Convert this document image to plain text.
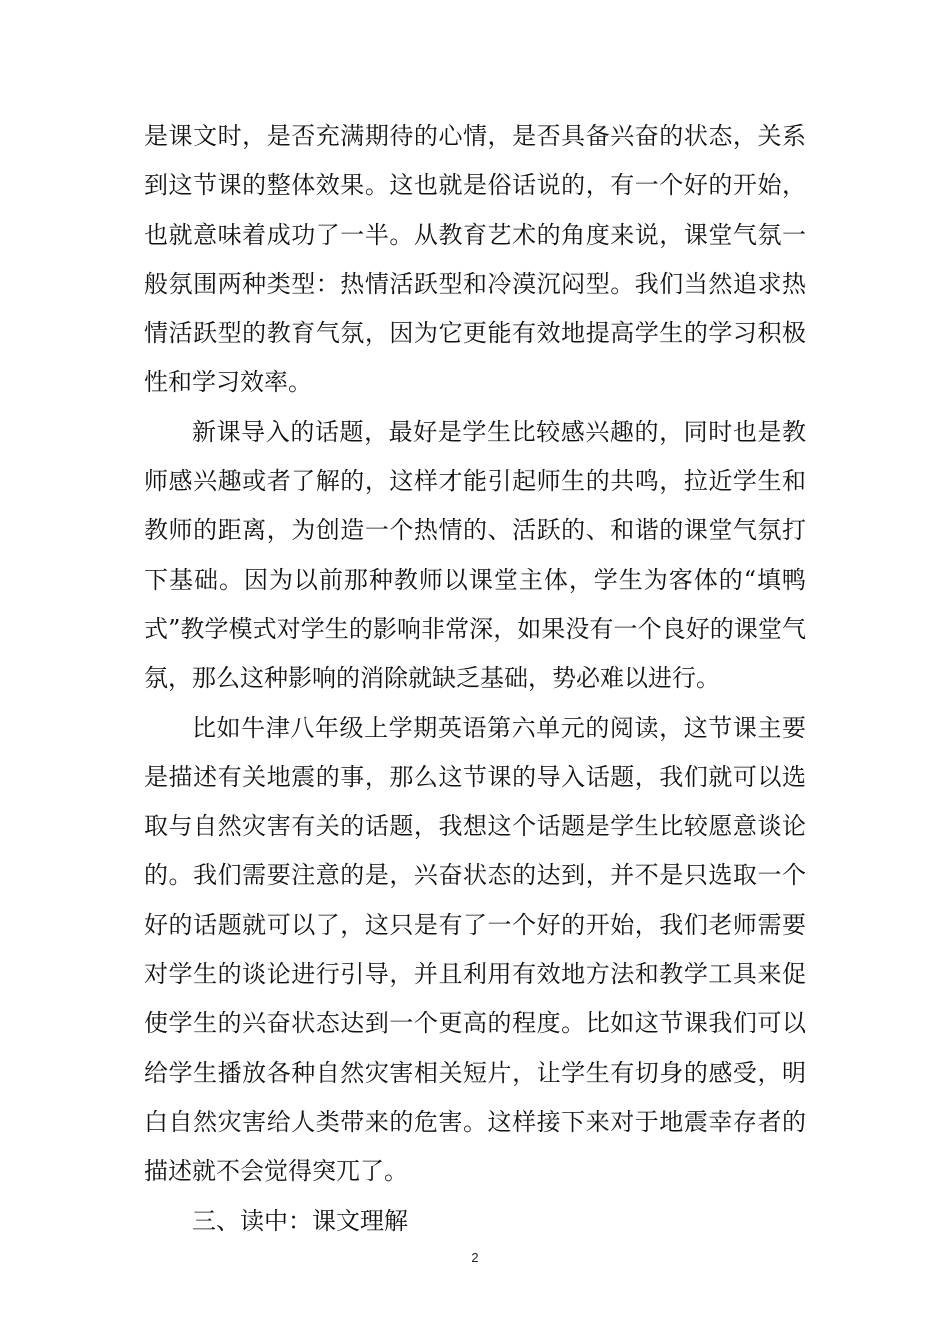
是课文时，是否充满期待的心情，是否具备兴奋的状态，关系到这节课的整体效果。这也就是俗话说的，有一个好的开始，也就意味着成功了一半。从教育艺术的角度来说，课堂气氛一般氛围两种类型：热情活跃型和冷漠沉闷型。我们当然追求热情活跃型的教育气氛，因为它更能有效地提高学生的学习积极性和学习效率。

新课导入的话题，最好是学生比较感兴趣的，同时也是教师感兴趣或者了解的，这样才能引起师生的共鸣，拉近学生和教师的距离，为创造一个热情的、活跃的、和谐的课堂气氛打下基础。因为以前那种教师以课堂主体，学生为客体的“填鸭式”教学模式对学生的影响非常深，如果没有一个良好的课堂气氛，那么这种影响的消除就缺乏基础，势必难以进行。

比如牛津八年级上学期英语第六单元的阅读，这节课主要是描述有关地震的事，那么这节课的导入话题，我们就可以选取与自然灾害有关的话题，我想这个话题是学生比较愿意谈论的。我们需要注意的是，兴奋状态的达到，并不是只选取一个好的话题就可以了，这只是有了一个好的开始，我们老师需要对学生的谈论进行引导，并且利用有效地方法和教学工具来促使学生的兴奋状态达到一个更高的程度。比如这节课我们可以给学生播放各种自然灾害相关短片，让学生有切身的感受，明白自然灾害给人类带来的危害。这样接下来对于地震幸存者的描述就不会觉得突兀了。

三、读中：课文理解

2
